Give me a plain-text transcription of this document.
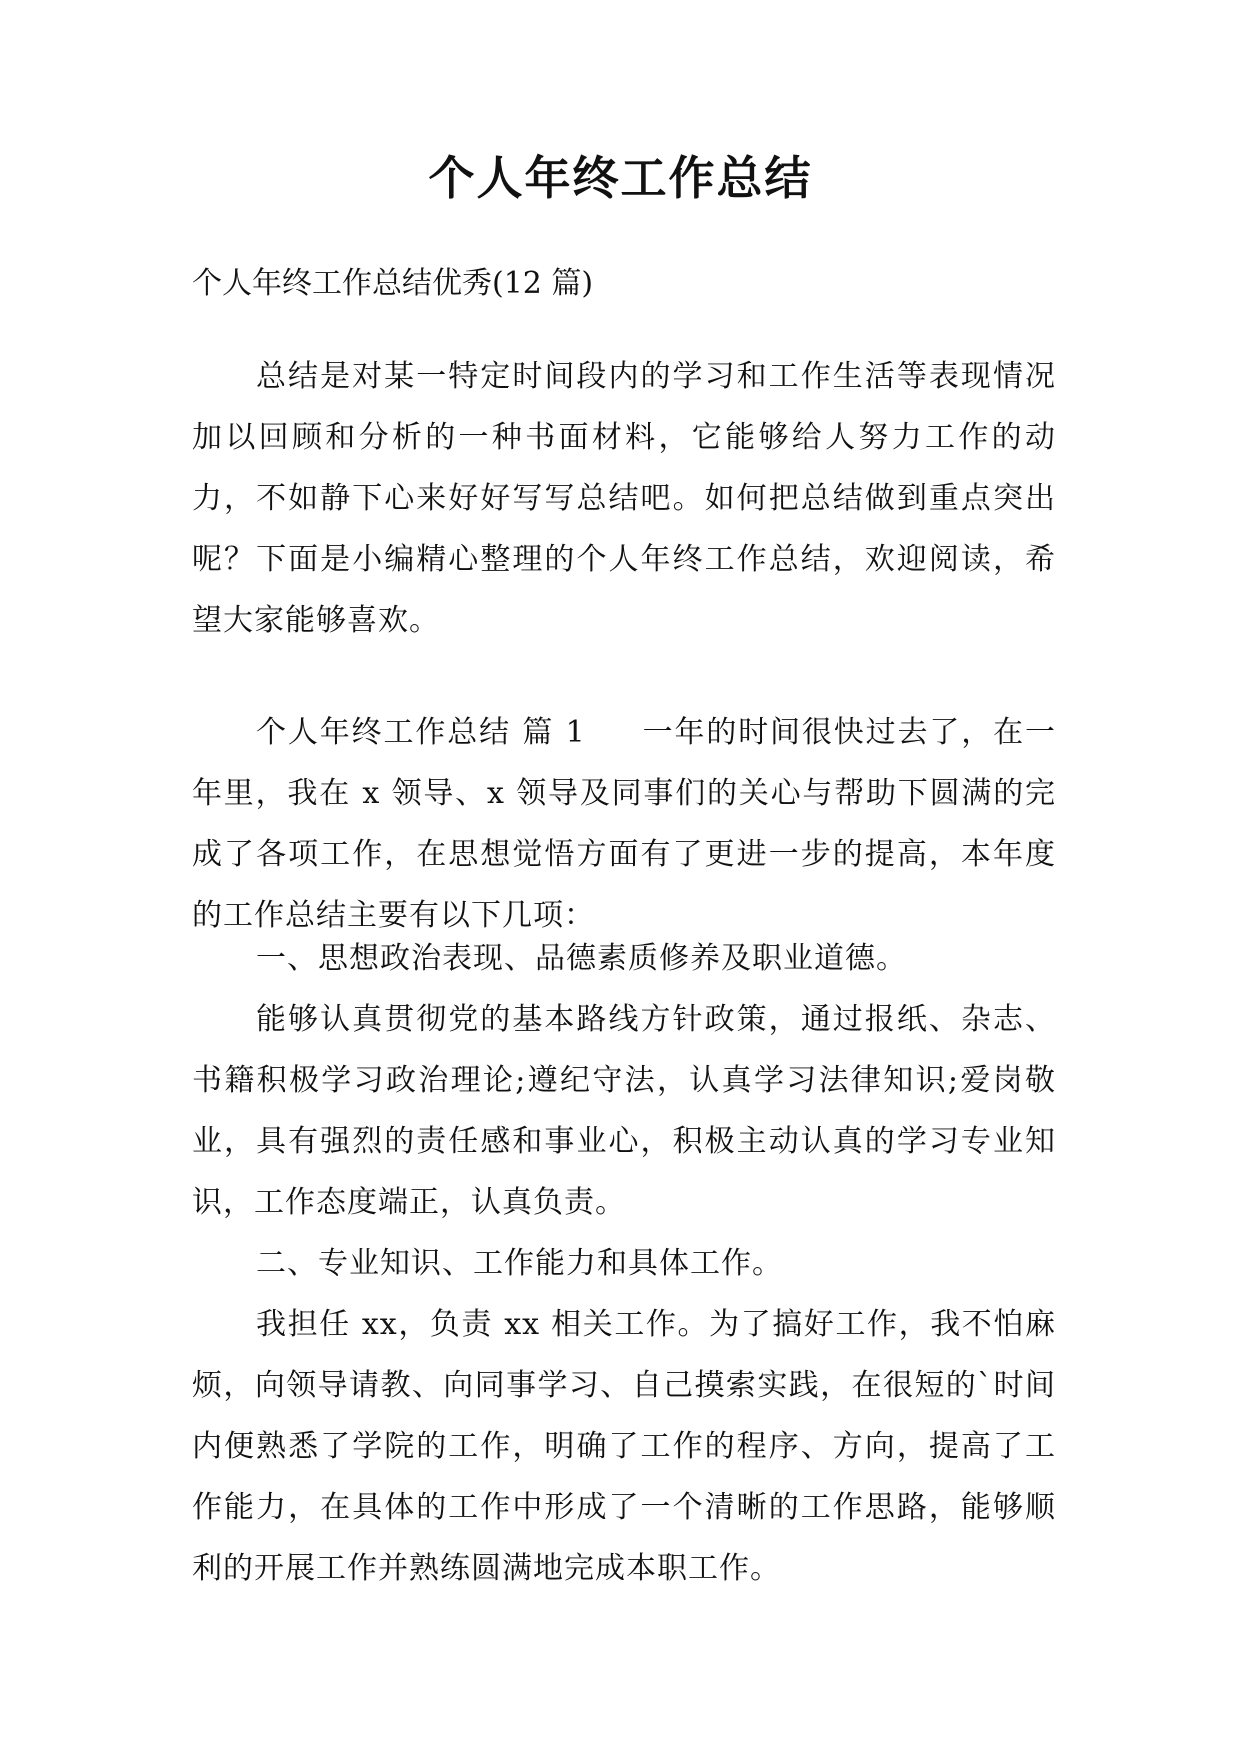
个人年终工作总结
个人年终工作总结优秀(12 篇)
总结是对某一特定时间段内的学习和工作生活等表现情况加以回顾和分析的一种书面材料，它能够给人努力工作的动力，不如静下心来好好写写总结吧。如何把总结做到重点突出呢？下面是小编精心整理的个人年终工作总结，欢迎阅读，希望大家能够喜欢。
个人年终工作总结 篇 1 一年的时间很快过去了，在一年里，我在 x 领导、x 领导及同事们的关心与帮助下圆满的完成了各项工作，在思想觉悟方面有了更进一步的提高，本年度的工作总结主要有以下几项：
一、思想政治表现、品德素质修养及职业道德。
能够认真贯彻党的基本路线方针政策，通过报纸、杂志、书籍积极学习政治理论;遵纪守法，认真学习法律知识;爱岗敬业，具有强烈的责任感和事业心，积极主动认真的学习专业知识，工作态度端正，认真负责。
二、专业知识、工作能力和具体工作。
我担任 xx，负责 xx 相关工作。为了搞好工作，我不怕麻烦，向领导请教、向同事学习、自己摸索实践，在很短的`时间内便熟悉了学院的工作，明确了工作的程序、方向，提高了工作能力，在具体的工作中形成了一个清晰的工作思路，能够顺利的开展工作并熟练圆满地完成本职工作。
